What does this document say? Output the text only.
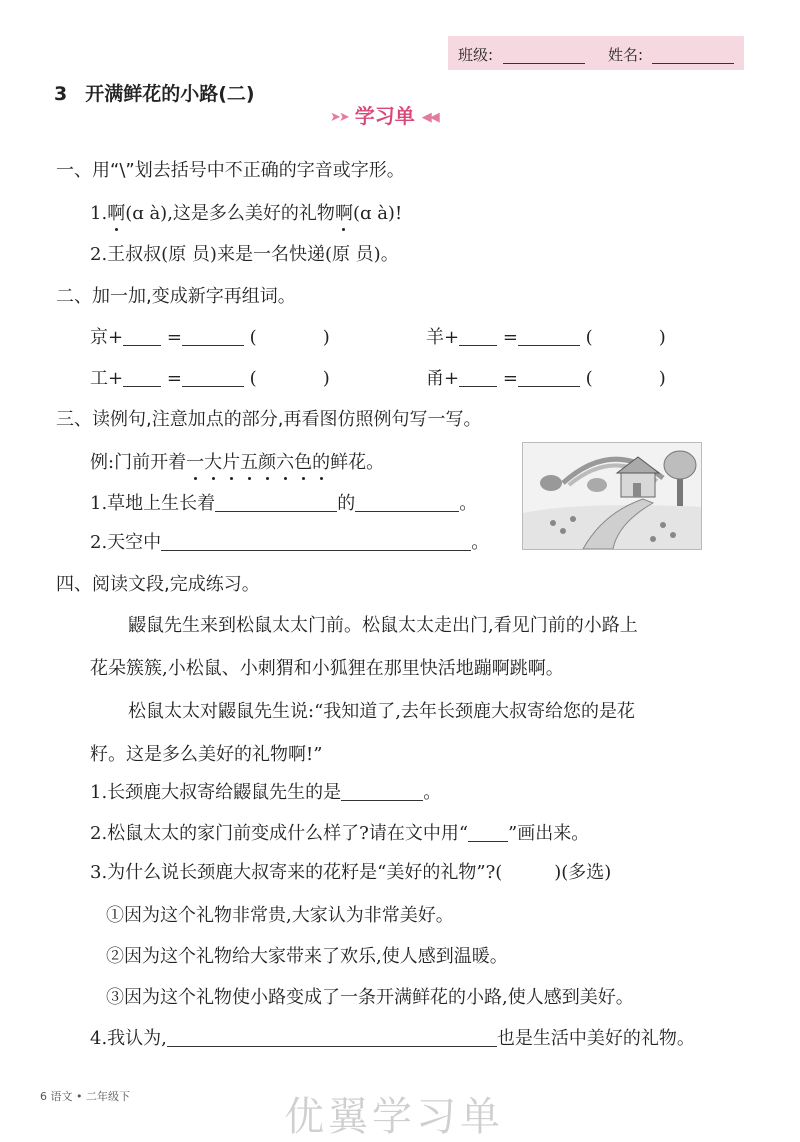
班级:	姓名:
3 开满鲜花的小路(二)
➤➤ 学习单 ◀◀
一、用“\”划去括号中不正确的字音或字形。
1.啊(ɑ à),这是多么美好的礼物啊(ɑ à)!
2.王叔叔(原 员)来是一名快递(原 员)。
二、加一加,变成新字再组词。
京+ =	(	)	羊+ =	(	)
工+ =	(	)	甬+ =	(	)
三、读例句,注意加点的部分,再看图仿照例句写一写。
例:门前开着一大片五颜六色的鲜花。
1.草地上生长着	的	。
2.天空中	。
四、阅读文段,完成练习。
鼹鼠先生来到松鼠太太门前。松鼠太太走出门,看见门前的小路上
花朵簇簇,小松鼠、小刺猬和小狐狸在那里快活地蹦啊跳啊。
松鼠太太对鼹鼠先生说:“我知道了,去年长颈鹿大叔寄给您的是花
籽。这是多么美好的礼物啊!”
1.长颈鹿大叔寄给鼹鼠先生的是	。
2.松鼠太太的家门前变成什么样了?请在文中用“ ”画出来。
3.为什么说长颈鹿大叔寄来的花籽是“美好的礼物”?(	)(多选)
①因为这个礼物非常贵,大家认为非常美好。
②因为这个礼物给大家带来了欢乐,使人感到温暖。
③因为这个礼物使小路变成了一条开满鲜花的小路,使人感到美好。
4.我认为,	也是生活中美好的礼物。
6 语文 • 二年级下	优翼学习单
